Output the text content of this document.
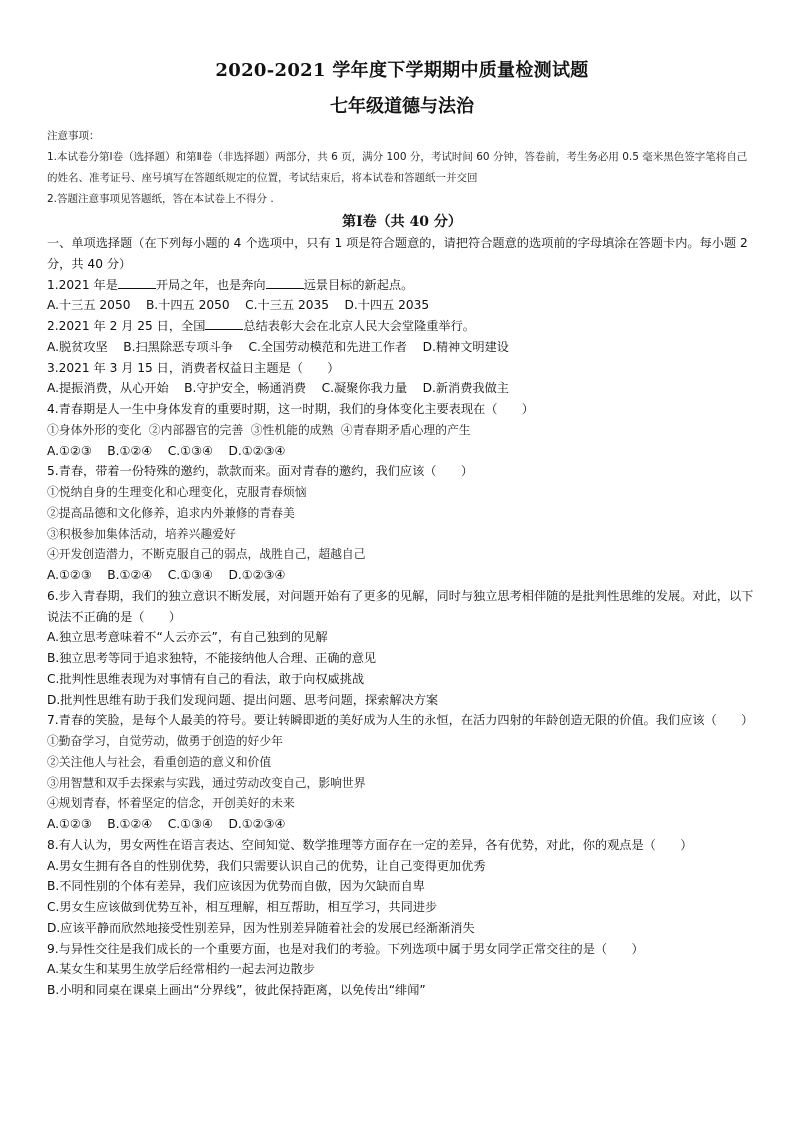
2020-2021 学年度下学期期中质量检测试题
七年级道德与法治
注意事项：
1.本试卷分第Ⅰ卷（选择题）和第Ⅱ卷（非选择题）两部分，共 6 页，满分 100 分，考试时间 60 分钟，答卷前，考生务必用 0.5 毫米黑色签字笔将自己的姓名、准考证号、座号填写在答题纸规定的位置，考试结束后，将本试卷和答题纸一并交回
2.答题注意事项见答题纸，答在本试卷上不得分 .
第Ⅰ卷（共 40 分）
一、单项选择题（在下列每小题的 4 个选项中，只有 1 项是符合题意的，请把符合题意的选项前的字母填涂在答题卡内。每小题 2 分，共 40 分）
1.2021 年是	开局之年，也是奔向	远景目标的新起点。
A.十三五 2050    B.十四五 2050    C.十三五 2035    D.十四五 2035
2.2021 年 2 月 25 日，全国	总结表彰大会在北京人民大会堂隆重举行。
A.脱贫攻坚    B.扫黑除恶专项斗争    C.全国劳动模范和先进工作者    D.精神文明建设
3.2021 年 3 月 15 日，消费者权益日主题是（　　）
A.提振消费，从心开始    B.守护安全，畅通消费    C.凝聚你我力量    D.新消费我做主
4.青春期是人一生中身体发育的重要时期，这一时期，我们的身体变化主要表现在（　　）
①身体外形的变化  ②内部器官的完善  ③性机能的成熟  ④青春期矛盾心理的产生
A.①②③    B.①②④    C.①③④    D.①②③④
5.青春，带着一份特殊的邀约，款款而来。面对青春的邀约，我们应该（　　）
①悦纳自身的生理变化和心理变化，克服青春烦恼
②提高品德和文化修养，追求内外兼修的青春美
③积极参加集体活动，培养兴趣爱好
④开发创造潜力，不断克服自己的弱点，战胜自己，超越自己
A.①②③    B.①②④    C.①③④    D.①②③④
6.步入青春期，我们的独立意识不断发展，对问题开始有了更多的见解，同时与独立思考相伴随的是批判性思维的发展。对此，以下说法不正确的是（　　）
A.独立思考意味着不“人云亦云”，有自己独到的见解
B.独立思考等同于追求独特，不能接纳他人合理、正确的意见
C.批判性思维表现为对事情有自己的看法，敢于向权威挑战
D.批判性思维有助于我们发现问题、提出问题、思考问题，探索解决方案
7.青春的笑脸，是每个人最美的符号。要让转瞬即逝的美好成为人生的永恒，在活力四射的年龄创造无限的价值。我们应该（　　）
①勤奋学习，自觉劳动，做勇于创造的好少年
②关注他人与社会，看重创造的意义和价值
③用智慧和双手去探索与实践，通过劳动改变自己，影响世界
④规划青春，怀着坚定的信念，开创美好的未来
A.①②③    B.①②④    C.①③④    D.①②③④
8.有人认为，男女两性在语言表达、空间知觉、数学推理等方面存在一定的差异，各有优势，对此，你的观点是（　　）
A.男女生拥有各自的性别优势，我们只需要认识自己的优势，让自己变得更加优秀
B.不同性别的个体有差异，我们应该因为优势而自傲，因为欠缺而自卑
C.男女生应该做到优势互补，相互理解，相互帮助，相互学习，共同进步
D.应该平静而欣然地接受性别差异，因为性别差异随着社会的发展已经渐渐消失
9.与异性交往是我们成长的一个重要方面，也是对我们的考验。下列选项中属于男女同学正常交往的是（　　）
A.某女生和某男生放学后经常相约一起去河边散步
B.小明和同桌在课桌上画出“分界线”，彼此保持距离，以免传出“绯闻”
